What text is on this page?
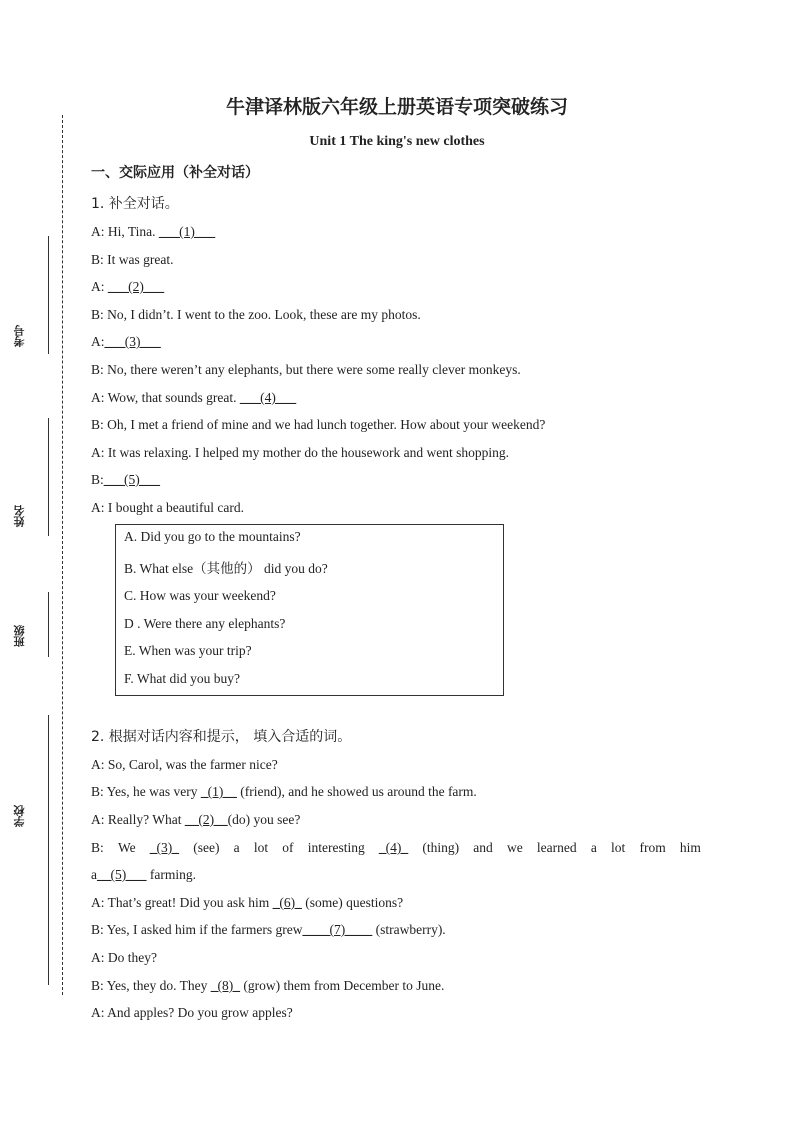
考号
姓名
班级
学校
牛津译林版六年级上册英语专项突破练习
Unit 1 The king's new clothes
一、交际应用（补全对话）
1. 补全对话。
A: Hi, Tina. ___(1)___
B: It was great.
A: ___(2)___
B: No, I didn’t. I went to the zoo. Look, these are my photos.
A:___(3)___
B: No, there weren’t any elephants, but there were some really clever monkeys.
A: Wow, that sounds great. ___(4)___
B: Oh, I met a friend of mine and we had lunch together. How about your weekend?
A: It was relaxing. I helped my mother do the housework and went shopping.
B:___(5)___
A: I bought a beautiful card.
A. Did you go to the mountains?
B. What else（其他的） did you do?
C. How was your weekend?
D . Were there any elephants?
E. When was your trip?
F. What did you buy?
2. 根据对话内容和提示， 填入合适的词。
A: So, Carol, was the farmer nice?
B: Yes, he was very _(1)__ (friend), and he showed us around the farm.
A: Really? What __(2)__(do) you see?
B: We _(3)_ (see) a lot of interesting _(4)_ (thing) and we learned a lot from him
a__(5)___ farming.
A: That’s great! Did you ask him _(6)_ (some) questions?
B: Yes, I asked him if the farmers grew____(7)____ (strawberry).
A: Do they?
B: Yes, they do. They _(8)_ (grow) them from December to June.
A: And apples? Do you grow apples?
